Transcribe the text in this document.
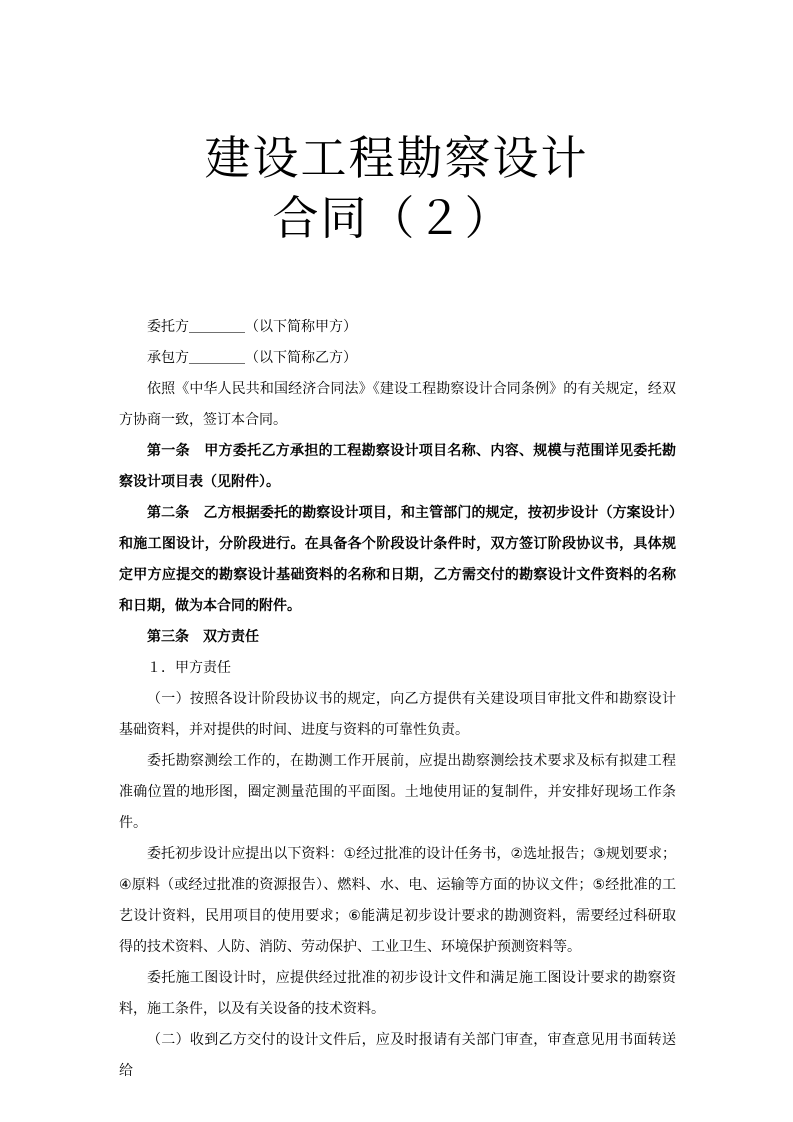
建设工程勘察设计
合同（２）

委托方＿＿＿＿（以下简称甲方）

承包方＿＿＿＿（以下简称乙方）

依照《中华人民共和国经济合同法》《建设工程勘察设计合同条例》的有关规定，经双方协商一致，签订本合同。

第一条　甲方委托乙方承担的工程勘察设计项目名称、内容、规模与范围详见委托勘察设计项目表（见附件）。

第二条　乙方根据委托的勘察设计项目，和主管部门的规定，按初步设计（方案设计）和施工图设计，分阶段进行。在具备各个阶段设计条件时，双方签订阶段协议书，具体规定甲方应提交的勘察设计基础资料的名称和日期，乙方需交付的勘察设计文件资料的名称和日期，做为本合同的附件。

第三条　双方责任

１．甲方责任

（一）按照各设计阶段协议书的规定，向乙方提供有关建设项目审批文件和勘察设计基础资料，并对提供的时间、进度与资料的可靠性负责。

委托勘察测绘工作的，在勘测工作开展前，应提出勘察测绘技术要求及标有拟建工程准确位置的地形图，圈定测量范围的平面图。土地使用证的复制件，并安排好现场工作条件。

委托初步设计应提出以下资料：①经过批准的设计任务书，②选址报告；③规划要求；④原料（或经过批准的资源报告）、燃料、水、电、运输等方面的协议文件；⑤经批准的工艺设计资料，民用项目的使用要求；⑥能满足初步设计要求的勘测资料，需要经过科研取得的技术资料、人防、消防、劳动保护、工业卫生、环境保护预测资料等。

委托施工图设计时，应提供经过批准的初步设计文件和满足施工图设计要求的勘察资料，施工条件，以及有关设备的技术资料。

（二）收到乙方交付的设计文件后，应及时报请有关部门审查，审查意见用书面转送给
